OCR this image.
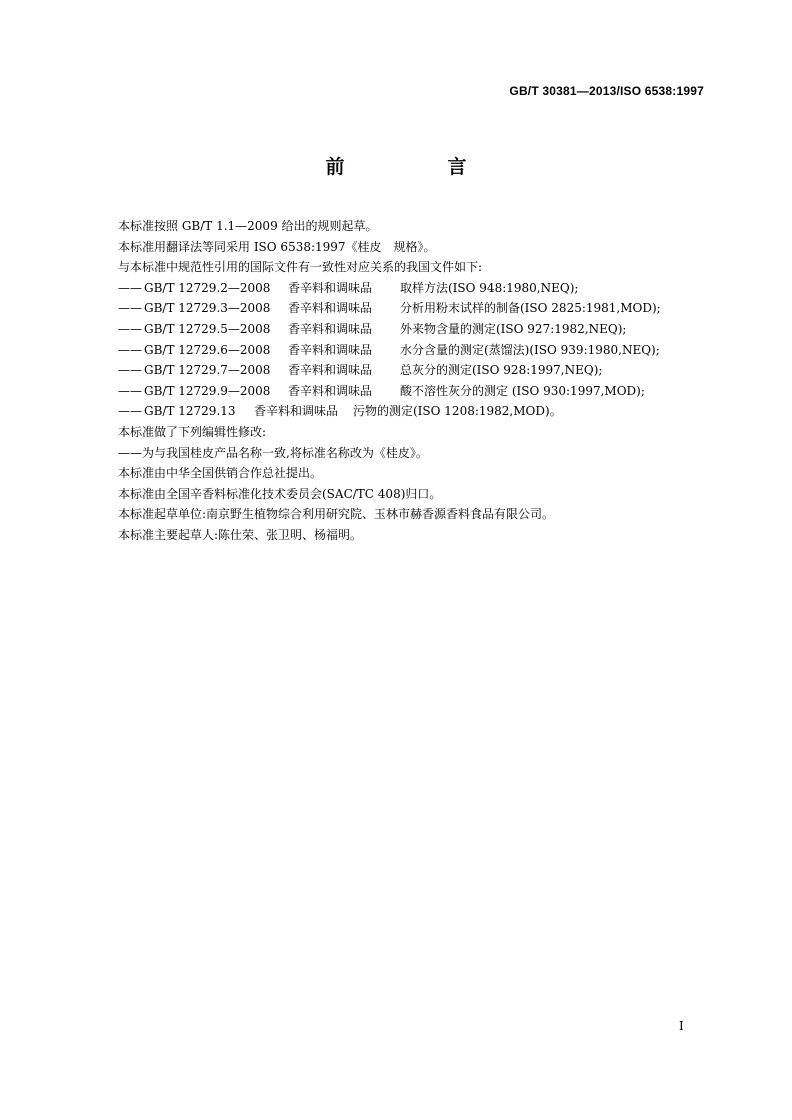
GB/T 30381—2013/ISO 6538:1997
前　言
本标准按照 GB/T 1.1—2009 给出的规则起草。
本标准用翻译法等同采用 ISO 6538:1997《桂皮　规格》。
与本标准中规范性引用的国际文件有一致性对应关系的我国文件如下:
—— GB/T 12729.2—2008	香辛料和调味品	取样方法(ISO 948:1980,NEQ);
—— GB/T 12729.3—2008	香辛料和调味品	分析用粉末试样的制备(ISO 2825:1981,MOD);
—— GB/T 12729.5—2008	香辛料和调味品	外来物含量的测定(ISO 927:1982,NEQ);
—— GB/T 12729.6—2008	香辛料和调味品	水分含量的测定(蒸馏法)(ISO 939:1980,NEQ);
—— GB/T 12729.7—2008	香辛料和调味品	总灰分的测定(ISO 928:1997,NEQ);
—— GB/T 12729.9—2008	香辛料和调味品	酸不溶性灰分的测定 (ISO 930:1997,MOD);
—— GB/T 12729.13	香辛料和调味品	污物的测定(ISO 1208:1982,MOD)。
本标准做了下列编辑性修改:
——为与我国桂皮产品名称一致,将标准名称改为《桂皮》。
本标准由中华全国供销合作总社提出。
本标准由全国辛香料标准化技术委员会(SAC/TC 408)归口。
本标准起草单位:南京野生植物综合利用研究院、玉林市赫香源香料食品有限公司。
本标准主要起草人:陈仕荣、张卫明、杨福明。
I
